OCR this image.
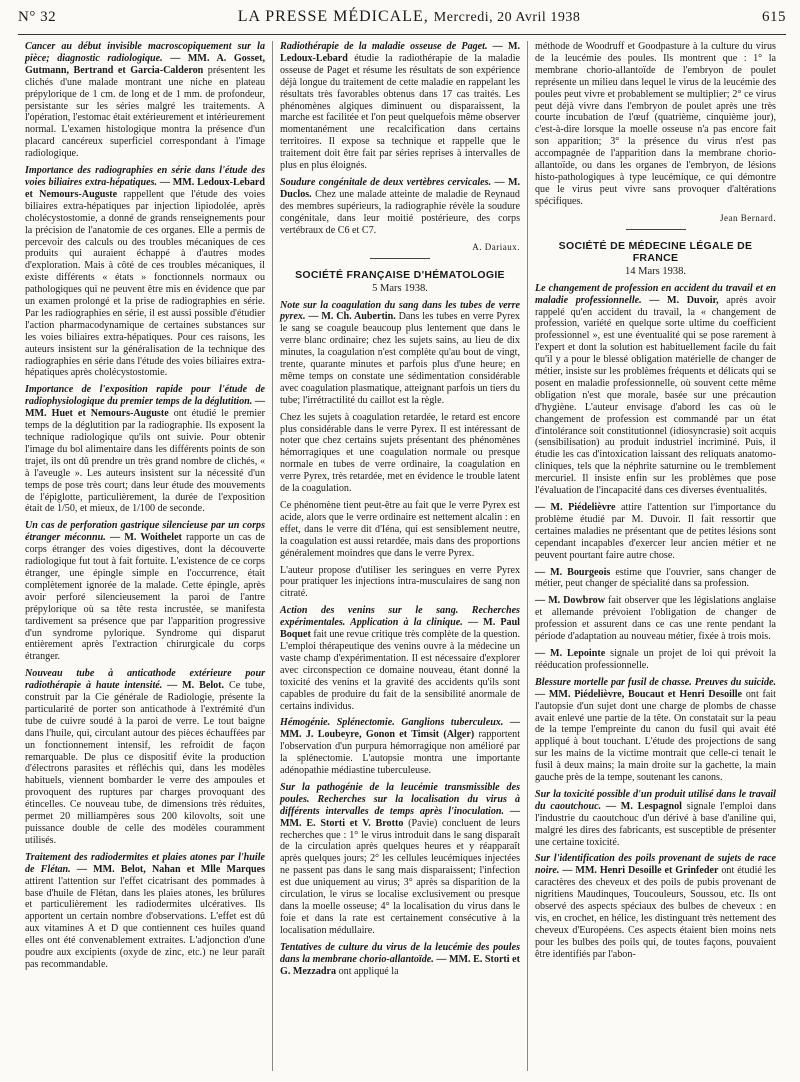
N° 32	LA PRESSE MÉDICALE, Mercredi, 20 Avril 1938	615

Cancer au début invisible macroscopiquement sur la pièce; diagnostic radiologique. — MM. A. Gosset, Gutmann, Bertrand et Garcia-Calderon présentent les clichés d'une malade montrant une niche en plateau prépylorique de 1 cm. de long et de 1 mm. de profondeur, persistante sur les séries malgré les traitements. A l'opération, l'estomac était extérieurement et intérieurement normal. L'examen histologique montra la présence d'un placard cancéreux superficiel correspondant à l'image radiologique.

Importance des radiographies en série dans l'étude des voies biliaires extra-hépatiques. — MM. Ledoux-Lebard et Nemours-Auguste rappellent que l'étude des voies biliaires extra-hépatiques par injection lipiodolée, après cholécystostomie, a donné de grands renseignements pour la précision de l'anatomie de ces organes. Elle a permis de percevoir des calculs ou des troubles mécaniques de ces produits qui auraient échappé à d'autres modes d'exploration. Mais à côté de ces troubles mécaniques, il existe différents « états » fonctionnels normaux ou pathologiques qui ne peuvent être mis en évidence que par un examen prolongé et la prise de radiographies en série. Par les radiographies en série, il est aussi possible d'étudier l'action pharmacodynamique de certaines substances sur les voies biliaires extra-hépatiques. Pour ces raisons, les auteurs insistent sur la généralisation de la technique des radiographies en série dans l'étude des voies biliaires extra-hépatiques après cholécystostomie.

Importance de l'exposition rapide pour l'étude de radiophysiologique du premier temps de la déglutition. — MM. Huet et Nemours-Auguste ont étudié le premier temps de la déglutition par la radiographie. Ils exposent la technique radiologique qu'ils ont suivie. Pour obtenir l'image du bol alimentaire dans les différents points de son trajet, ils ont dû prendre un très grand nombre de clichés, « à l'aveugle ». Les auteurs insistent sur la nécessité d'un temps de pose très court; dans leur étude des mouvements de l'épiglotte, particulièrement, la durée de l'exposition était de 1/50, et mieux, de 1/100 de seconde.

Un cas de perforation gastrique silencieuse par un corps étranger méconnu. — M. Woithelet rapporte un cas de corps étranger des voies digestives, dont la découverte radiologique fut tout à fait fortuite. L'existence de ce corps étranger, une épingle simple en l'occurrence, était complètement ignorée de la malade. Cette épingle, après avoir perforé silencieusement la paroi de l'antre prépylorique où sa tête resta incrustée, se manifesta tardivement sa présence que par l'apparition progressive d'un syndrome pylorique. Syndrome qui disparut entièrement après l'extraction chirurgicale du corps étranger.

Nouveau tube à anticathode extérieure pour radiothérapie à haute intensité. — M. Belot. Ce tube, construit par la Cie générale de Radiologie, présente la particularité de porter son anticathode à l'extrémité d'un tube de cuivre soudé à la paroi de verre. Le tout baigne dans l'huile, qui, circulant autour des pièces échauffées par un fonctionnement intensif, les refroidit de façon remarquable. De plus ce dispositif évite la production d'électrons parasites et réfléchis qui, dans les modèles habituels, viennent bombarder le verre des ampoules et provoquent des ruptures par charges provoquant des étincelles. Ce nouveau tube, de dimensions très réduites, permet 20 milliampères sous 200 kilovolts, soit une puissance double de celle des modèles couramment utilisés.

Traitement des radiodermites et plaies atones par l'huile de Flétan. — MM. Belot, Nahan et Mlle Marques attirent l'attention sur l'effet cicatrisant des pommades à base d'huile de Flétan, dans les plaies atones, les brûlures et particulièrement les radiodermites ulcératives. Ils apportent un certain nombre d'observations. L'effet est dû aux vitamines A et D que contiennent ces huiles quand elles ont été convenablement extraites. L'adjonction d'une poudre aux excipients (oxyde de zinc, etc.) ne leur paraît pas recommandable.

Radiothérapie de la maladie osseuse de Paget. — M. Ledoux-Lebard étudie la radiothérapie de la maladie osseuse de Paget et résume les résultats de son expérience déjà longue du traitement de cette maladie en rappelant les résultats très favorables obtenus dans 17 cas traités. Les phénomènes algiques diminuent ou disparaissent, la marche est facilitée et l'on peut quelquefois même observer momentanément une recalcification dans certains territoires. Il expose sa technique et rappelle que le traitement doit être fait par séries reprises à intervalles de plus en plus éloignés.

Soudure congénitale de deux vertèbres cervicales. — M. Duclos. Chez une malade atteinte de maladie de Reynaud des membres supérieurs, la radiographie révèle la soudure congénitale, dans leur moitié postérieure, des corps vertébraux de C6 et C7.

A. Dariaux.
SOCIÉTÉ FRANÇAISE D'HÉMATOLOGIE
5 Mars 1938.

Note sur la coagulation du sang dans les tubes de verre pyrex. — M. Ch. Aubertin. Dans les tubes en verre Pyrex le sang se coagule beaucoup plus lentement que dans le verre blanc ordinaire; chez les sujets sains, au lieu de dix minutes, la coagulation n'est complète qu'au bout de vingt, trente, quarante minutes et parfois plus d'une heure; en même temps on constate une sédimentation considérable avec coagulation plasmatique, atteignant parfois un tiers du tube; l'irrétractilité du caillot est la règle.

Chez les sujets à coagulation retardée, le retard est encore plus considérable dans le verre Pyrex. Il est intéressant de noter que chez certains sujets présentant des phénomènes hémorragiques et une coagulation normale ou presque normale en tubes de verre ordinaire, la coagulation en verre Pyrex, très retardée, met en évidence le trouble latent de la coagulation.

Ce phénomène tient peut-être au fait que le verre Pyrex est acide, alors que le verre ordinaire est nettement alcalin : en effet, dans le verre dit d'Iéna, qui est sensiblement neutre, la coagulation est aussi retardée, mais dans des proportions généralement moindres que dans le verre Pyrex.

L'auteur propose d'utiliser les seringues en verre Pyrex pour pratiquer les injections intra-musculaires de sang non citraté.

Action des venins sur le sang. Recherches expérimentales. Application à la clinique. — M. Paul Boquet fait une revue critique très complète de la question. L'emploi thérapeutique des venins ouvre à la médecine un vaste champ d'expérimentation. Il est nécessaire d'explorer avec circonspection ce domaine nouveau, étant donné la toxicité des venins et la gravité des accidents qu'ils sont capables de produire du fait de la sensibilité anormale de certains individus.

Hémogénie. Splénectomie. Ganglions tuberculeux. — MM. J. Loubeyre, Gonon et Timsit (Alger) rapportent l'observation d'un purpura hémorragique non amélioré par la splénectomie. L'autopsie montra une importante adénopathie médiastine tuberculeuse.

Sur la pathogénie de la leucémie transmissible des poules. Recherches sur la localisation du virus à différents intervalles de temps après l'inoculation. — MM. E. Storti et V. Brotto (Pavie) concluent de leurs recherches que : 1° le virus introduit dans le sang disparaît de la circulation après quelques heures et y réapparaît après quelques jours; 2° les cellules leucémiques injectées ne passent pas dans le sang mais disparaissent; l'infection est due uniquement au virus; 3° après sa disparition de la circulation, le virus se localise exclusivement ou presque dans la moelle osseuse; 4° la localisation du virus dans le foie et dans la rate est certainement consécutive à la localisation médullaire.

Tentatives de culture du virus de la leucémie des poules dans la membrane chorio-allantoïde. — MM. E. Storti et G. Mezzadra ont appliqué la

méthode de Woodruff et Goodpasture à la culture du virus de la leucémie des poules. Ils montrent que : 1° la membrane chorio-allantoïde de l'embryon de poulet représente un milieu dans lequel le virus de la leucémie des poules peut vivre et probablement se multiplier; 2° ce virus peut déjà vivre dans l'embryon de poulet après une très courte incubation de l'œuf (quatrième, cinquième jour), c'est-à-dire lorsque la moelle osseuse n'a pas encore fait son apparition; 3° la présence du virus n'est pas accompagnée de l'apparition dans la membrane chorio-allantoïde, ou dans les organes de l'embryon, de lésions histo-pathologiques à type leucémique, ce qui démontre que le virus peut vivre sans provoquer d'altérations spécifiques.

Jean Bernard.
SOCIÉTÉ DE MÉDECINE LÉGALE DE FRANCE
14 Mars 1938.

Le changement de profession en accident du travail et en maladie professionnelle. — M. Duvoir, après avoir rappelé qu'en accident du travail, la « changement de profession, variété en quelque sorte ultime du coefficient professionnel », est une éventualité qui se pose rarement à l'expert et dont la solution est habituellement facile du fait qu'il y a pour le blessé obligation matérielle de changer de métier, insiste sur les problèmes fréquents et délicats qui se posent en maladie professionnelle, où souvent cette même obligation n'est que morale, basée sur une précaution d'hygiène. L'auteur envisage d'abord les cas où le changement de profession est commandé par un état d'intolérance soit constitutionnel (idiosyncrasie) soit acquis (sensibilisation) au produit industriel incriminé. Puis, il étudie les cas d'intoxication laissant des reliquats anatomo-cliniques, tels que la néphrite saturnine ou le tremblement mercuriel. Il insiste enfin sur les problèmes que pose l'évaluation de l'incapacité dans ces diverses éventualités.

— M. Piédelièvre attire l'attention sur l'importance du problème étudié par M. Duvoir. Il fait ressortir que certaines maladies ne présentant que de petites lésions sont cependant incapables d'exercer leur ancien métier et ne peuvent pourtant faire autre chose.

— M. Bourgeois estime que l'ouvrier, sans changer de métier, peut changer de spécialité dans sa profession.

— M. Dowbrow fait observer que les législations anglaise et allemande prévoient l'obligation de changer de profession et assurent dans ce cas une rente pendant la période d'adaptation au nouveau métier, fixée à trois mois.

— M. Lepointe signale un projet de loi qui prévoit la rééducation professionnelle.

Blessure mortelle par fusil de chasse. Preuves du suicide. — MM. Piédelièvre, Boucaut et Henri Desoille ont fait l'autopsie d'un sujet dont une charge de plombs de chasse avait enlevé une partie de la tête. On constatait sur la peau de la tempe l'empreinte du canon du fusil qui avait été appliqué à bout touchant. L'étude des projections de sang sur les mains de la victime montrait que celle-ci tenait le fusil à deux mains; la main droite sur la gachette, la main gauche près de la tempe, soutenant les canons.

Sur la toxicité possible d'un produit utilisé dans le travail du caoutchouc. — M. Lespagnol signale l'emploi dans l'industrie du caoutchouc d'un dérivé à base d'aniline qui, malgré les dires des fabricants, est susceptible de présenter une certaine toxicité.

Sur l'identification des poils provenant de sujets de race noire. — MM. Henri Desoille et Grinfeder ont étudié les caractères des cheveux et des poils de pubis provenant de nigritiens Maudinques, Toucouleurs, Soussou, etc. Ils ont observé des aspects spéciaux des bulbes de cheveux : en vis, en crochet, en hélice, les distinguant très nettement des cheveux d'Européens. Ces aspects étaient bien moins nets pour les bulbes des poils qui, de toutes façons, pouvaient être identifiés par l'abon-
